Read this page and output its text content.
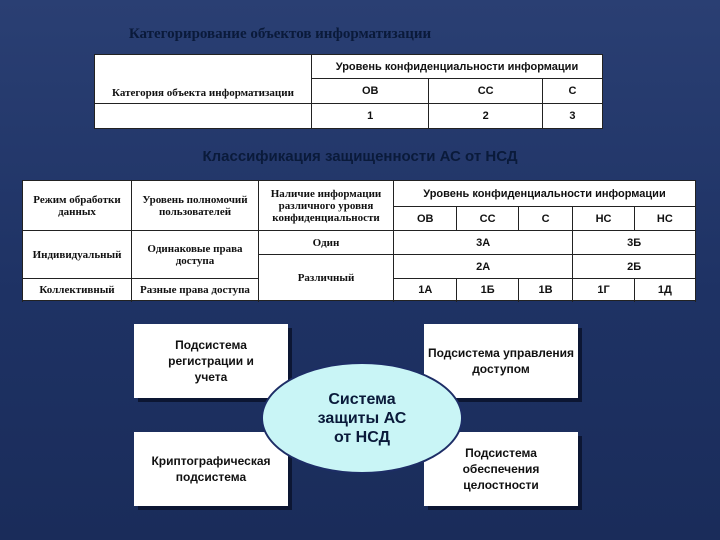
Категорирование объектов информатизации
Категория объекта информатизации	Уровень конфиденциальности информации		
	ОВ	СС	С
	1	2	3
Классификация защищенности АС от НСД
Режим обработки данных	Уровень полномочий пользователей	Наличие информации различного уровня конфиденциальности	Уровень конфиденциальности информации				
			ОВ	СС	С	НС	НС
Индивидуальный	Одинаковые права доступа	Один	3А			3Б	
		Различный	2А			2Б	
Коллективный	Разные права доступа		1А	1Б	1В	1Г	1Д

Подсистема регистрации и учета
Подсистема управления доступом
Криптографическая подсистема
Подсистема обеспечения целостности
Система защиты АС от НСД
